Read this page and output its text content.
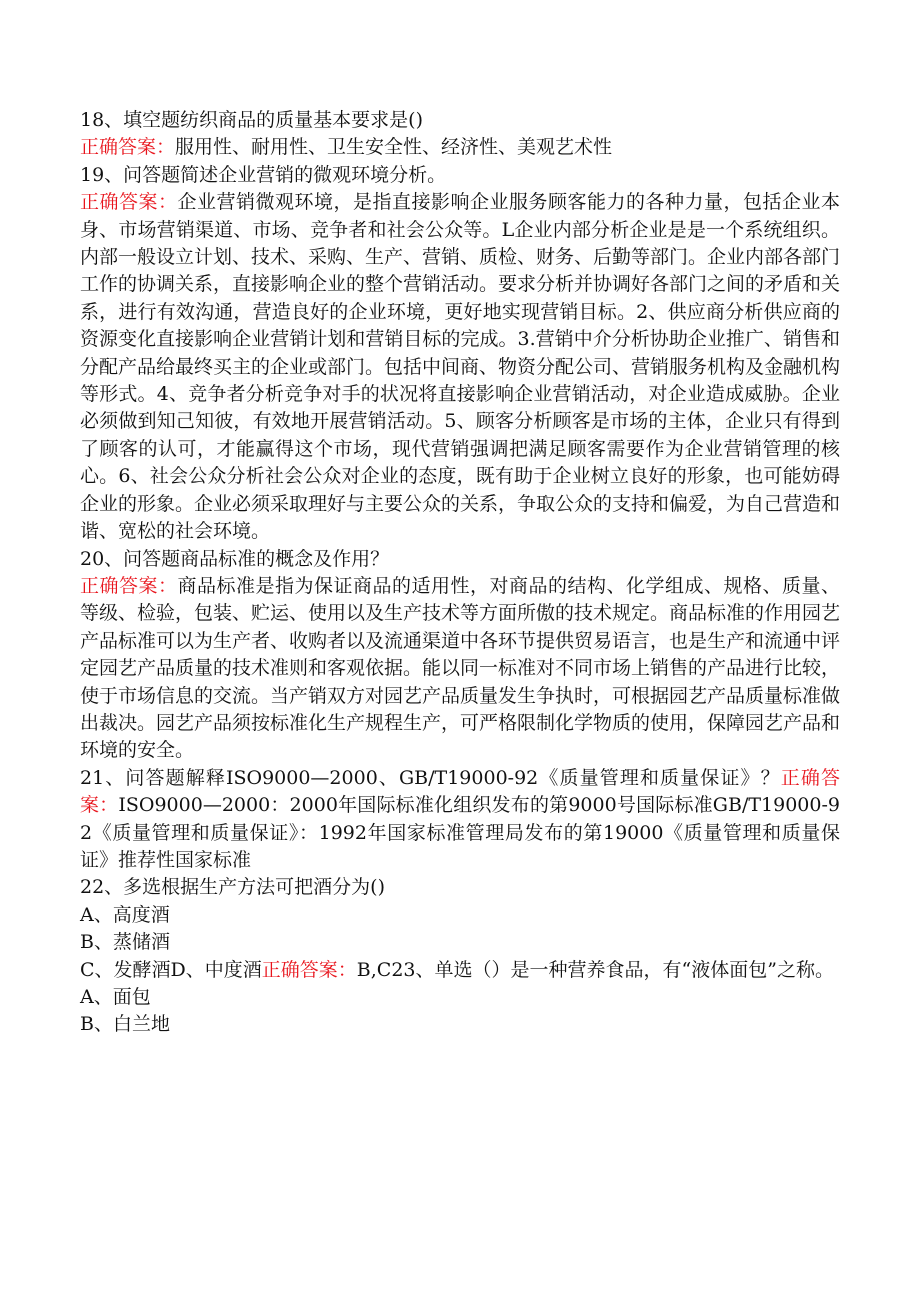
18、填空题纺织商品的质量基本要求是()

正确答案：服用性、耐用性、卫生安全性、经济性、美观艺术性

19、问答题简述企业营销的微观环境分析。

正确答案：企业营销微观环境，是指直接影响企业服务顾客能力的各种力量，包括企业本身、市场营销渠道、市场、竞争者和社会公众等。L企业内部分析企业是是一个系统组织。内部一般设立计划、技术、采购、生产、营销、质检、财务、后勤等部门。企业内部各部门工作的协调关系，直接影响企业的整个营销活动。要求分析并协调好各部门之间的矛盾和关系，进行有效沟通，营造良好的企业环境，更好地实现营销目标。2、供应商分析供应商的资源变化直接影响企业营销计划和营销目标的完成。3.营销中介分析协助企业推广、销售和分配产品给最终买主的企业或部门。包括中间商、物资分配公司、营销服务机构及金融机构等形式。4、竞争者分析竞争对手的状况将直接影响企业营销活动，对企业造成威胁。企业必须做到知己知彼，有效地开展营销活动。5、顾客分析顾客是市场的主体，企业只有得到了顾客的认可，才能赢得这个市场，现代营销强调把满足顾客需要作为企业营销管理的核心。6、社会公众分析社会公众对企业的态度，既有助于企业树立良好的形象，也可能妨碍企业的形象。企业必须采取理好与主要公众的关系，争取公众的支持和偏爱，为自己营造和谐、宽松的社会环境。

20、问答题商品标准的概念及作用？

正确答案：商品标准是指为保证商品的适用性，对商品的结构、化学组成、规格、质量、等级、检验，包装、贮运、使用以及生产技术等方面所傲的技术规定。商品标准的作用园艺产品标准可以为生产者、收购者以及流通渠道中各环节提供贸易语言，也是生产和流通中评定园艺产品质量的技术准则和客观依据。能以同一标准对不同市场上销售的产品进行比较，使于市场信息的交流。当产销双方对园艺产品质量发生争执时，可根据园艺产品质量标准做出裁决。园艺产品须按标准化生产规程生产，可严格限制化学物质的使用，保障园艺产品和环境的安全。

21、问答题解释ISO9000—2000、GB/T19000-92《质量管理和质量保证》？正确答案：ISO9000—2000：2000年国际标准化组织发布的第9000号国际标准GB/T19000-92《质量管理和质量保证》：1992年国家标准管理局发布的第19000《质量管理和质量保证》推荐性国家标准

22、多选根据生产方法可把酒分为()

A、高度酒

B、蒸储酒

C、发酵酒D、中度酒正确答案：B,C23、单选（）是一种营养食品，有“液体面包”之称。

A、面包

B、白兰地
